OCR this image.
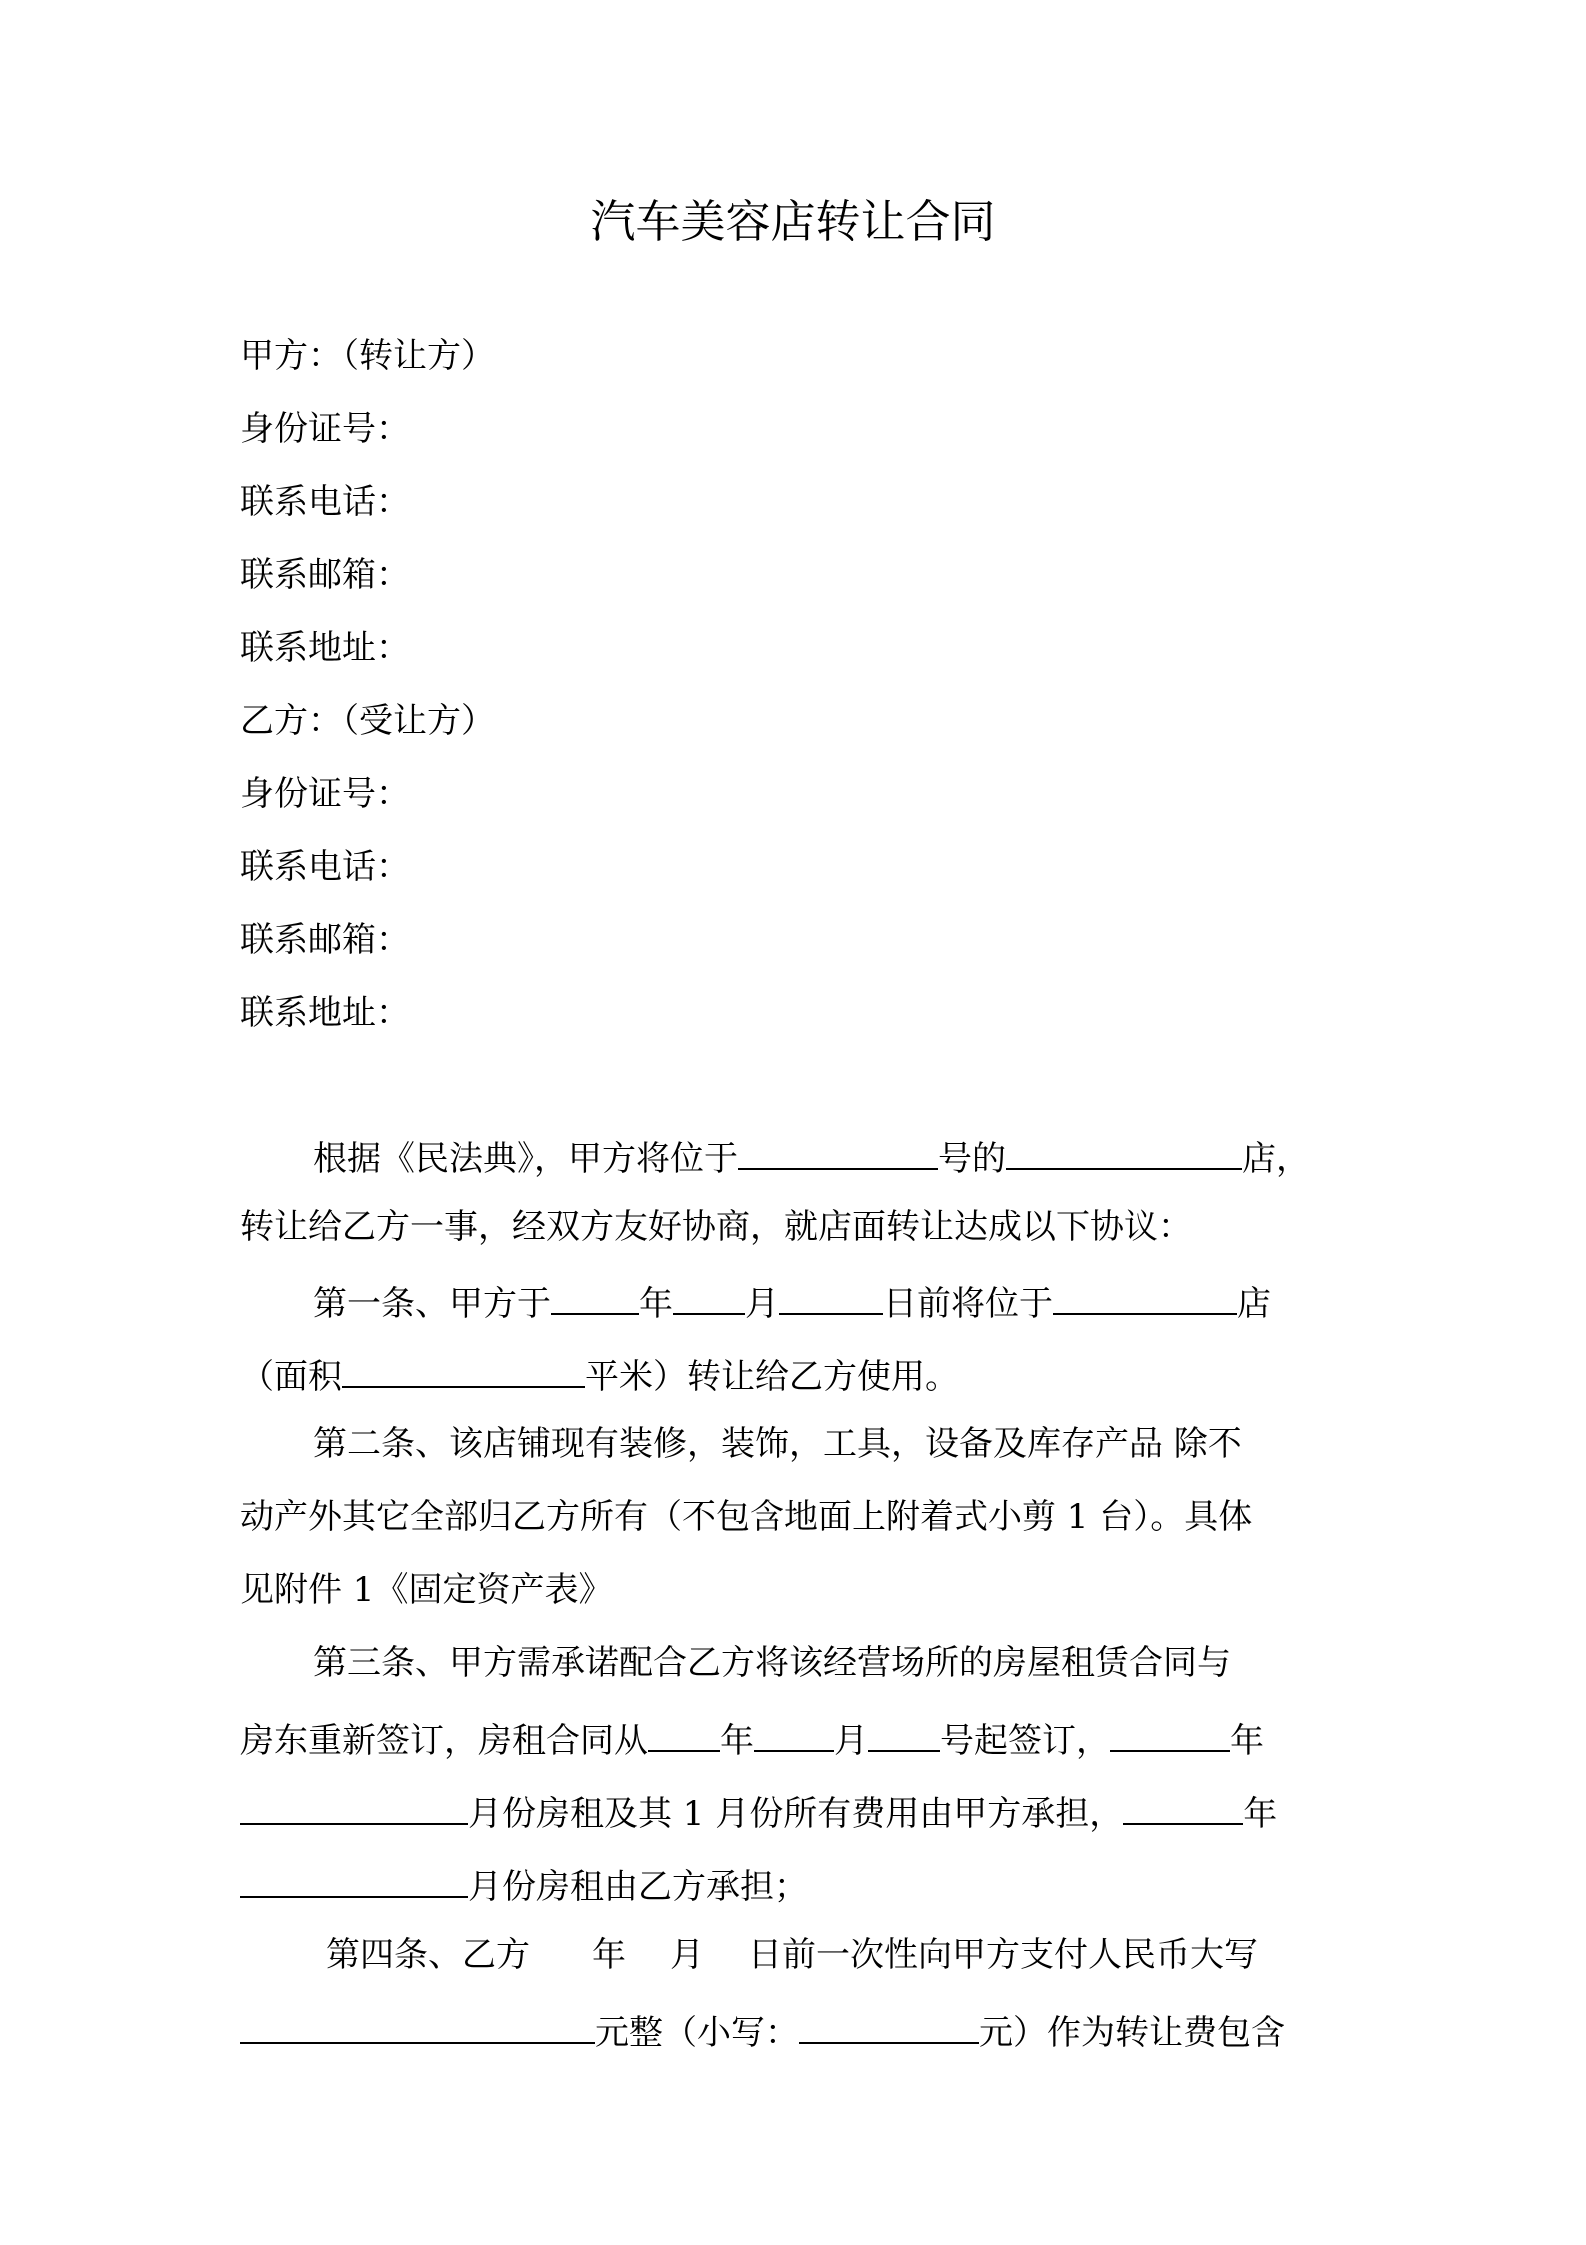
汽车美容店转让合同
甲方：（转让方）
身份证号：
联系电话：
联系邮箱：
联系地址：
乙方：（受让方）
身份证号：
联系电话：
联系邮箱：
联系地址：
根据《民法典》，甲方将位于	号的	店，
转让给乙方一事，经双方友好协商，就店面转让达成以下协议：
第一条、甲方于	年 月	日前将位于	店
（面积	平米）转让给乙方使用。
第二条、该店铺现有装修，装饰，工具，设备及库存产品 除不
动产外其它全部归乙方所有（不包含地面上附着式小剪 1 台）。具体
见附件 1《固定资产表》
第三条、甲方需承诺配合乙方将该经营场所的房屋租赁合同与
房东重新签订，房租合同从 年 月 号起签订，	年
月份房租及其 1 月份所有费用由甲方承担，	年
月份房租由乙方承担；
第四条、乙方 年 月 日前一次性向甲方支付人民币大写
元整（小写：	元）作为转让费包含
